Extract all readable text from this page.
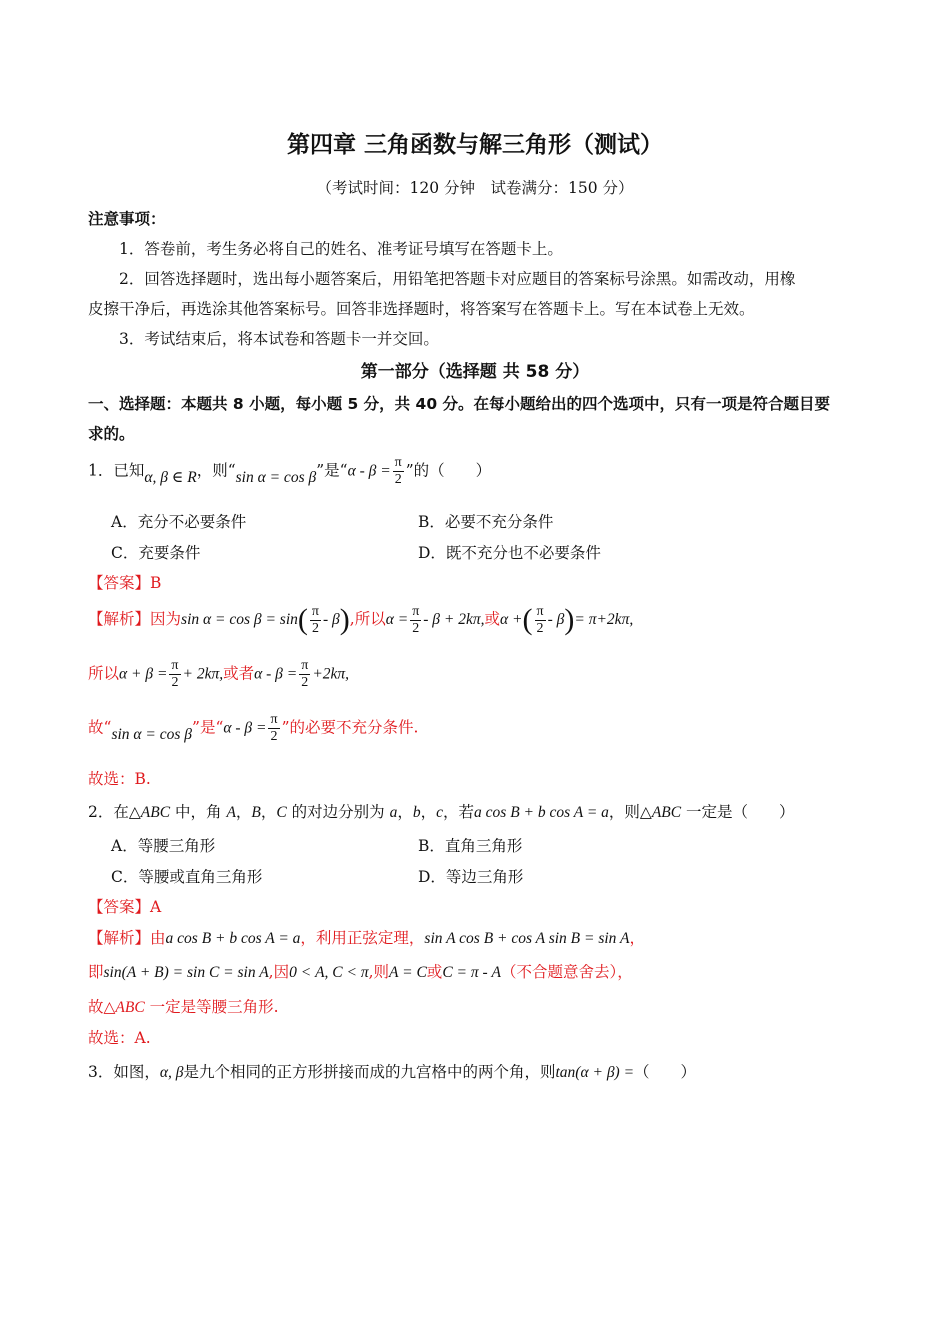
第四章 三角函数与解三角形（测试）
（考试时间：120 分钟　试卷满分：150 分）
注意事项：
1．答卷前，考生务必将自己的姓名、准考证号填写在答题卡上。
2．回答选择题时，选出每小题答案后，用铅笔把答题卡对应题目的答案标号涂黑。如需改动，用橡
皮擦干净后，再选涂其他答案标号。回答非选择题时，将答案写在答题卡上。写在本试卷上无效。
3．考试结束后，将本试卷和答题卡一并交回。
第一部分（选择题 共 58 分）
一、选择题：本题共 8 小题，每小题 5 分，共 40 分。在每小题给出的四个选项中，只有一项是符合题目要
求的。
1．已知α, β ∈ R，则“sin α = cos β”是“$\alpha - \beta = \frac{\pi}{2}$ ”的（　　）
A．充分不必要条件	B．必要不充分条件
C．充要条件	D．既不充分也不必要条件
【答案】B
【解析】因为$\sin \alpha = \cos \beta = \sin( \frac{\pi}{2} - \beta)$,所以$\alpha = \frac{\pi}{2} - \beta + 2k\pi$,或α +( $\frac{\pi}{2} - \beta)= \pi+2k\pi$,
所以$\alpha + \beta = \frac{\pi}{2} + 2k\pi$,或者$\alpha - \beta = \frac{\pi}{2} +2k\pi$,
故“sin α = cos β”是“$\alpha - \beta = \frac{\pi}{2}$ ”的必要不充分条件.
故选：B.
2．在△ABC 中，角 A，B，C 的对边分别为 a，b，c，若a cos B + b cos A = a，则△ABC 一定是（　　）
A．等腰三角形	B．直角三角形
C．等腰或直角三角形	D．等边三角形
【答案】A
【解析】由a cos B + b cos A = a，利用正弦定理，sin A cos B + cos A sin B = sin A，
即sin(A + B) = sin C = sin A,因0 < A, C < π,则A = C或C = π - A（不合题意舍去），
故△ABC 一定是等腰三角形.
故选：A.
3．如图，α, β是九个相同的正方形拼接而成的九宫格中的两个角，则tan(α + β) =（　　）
